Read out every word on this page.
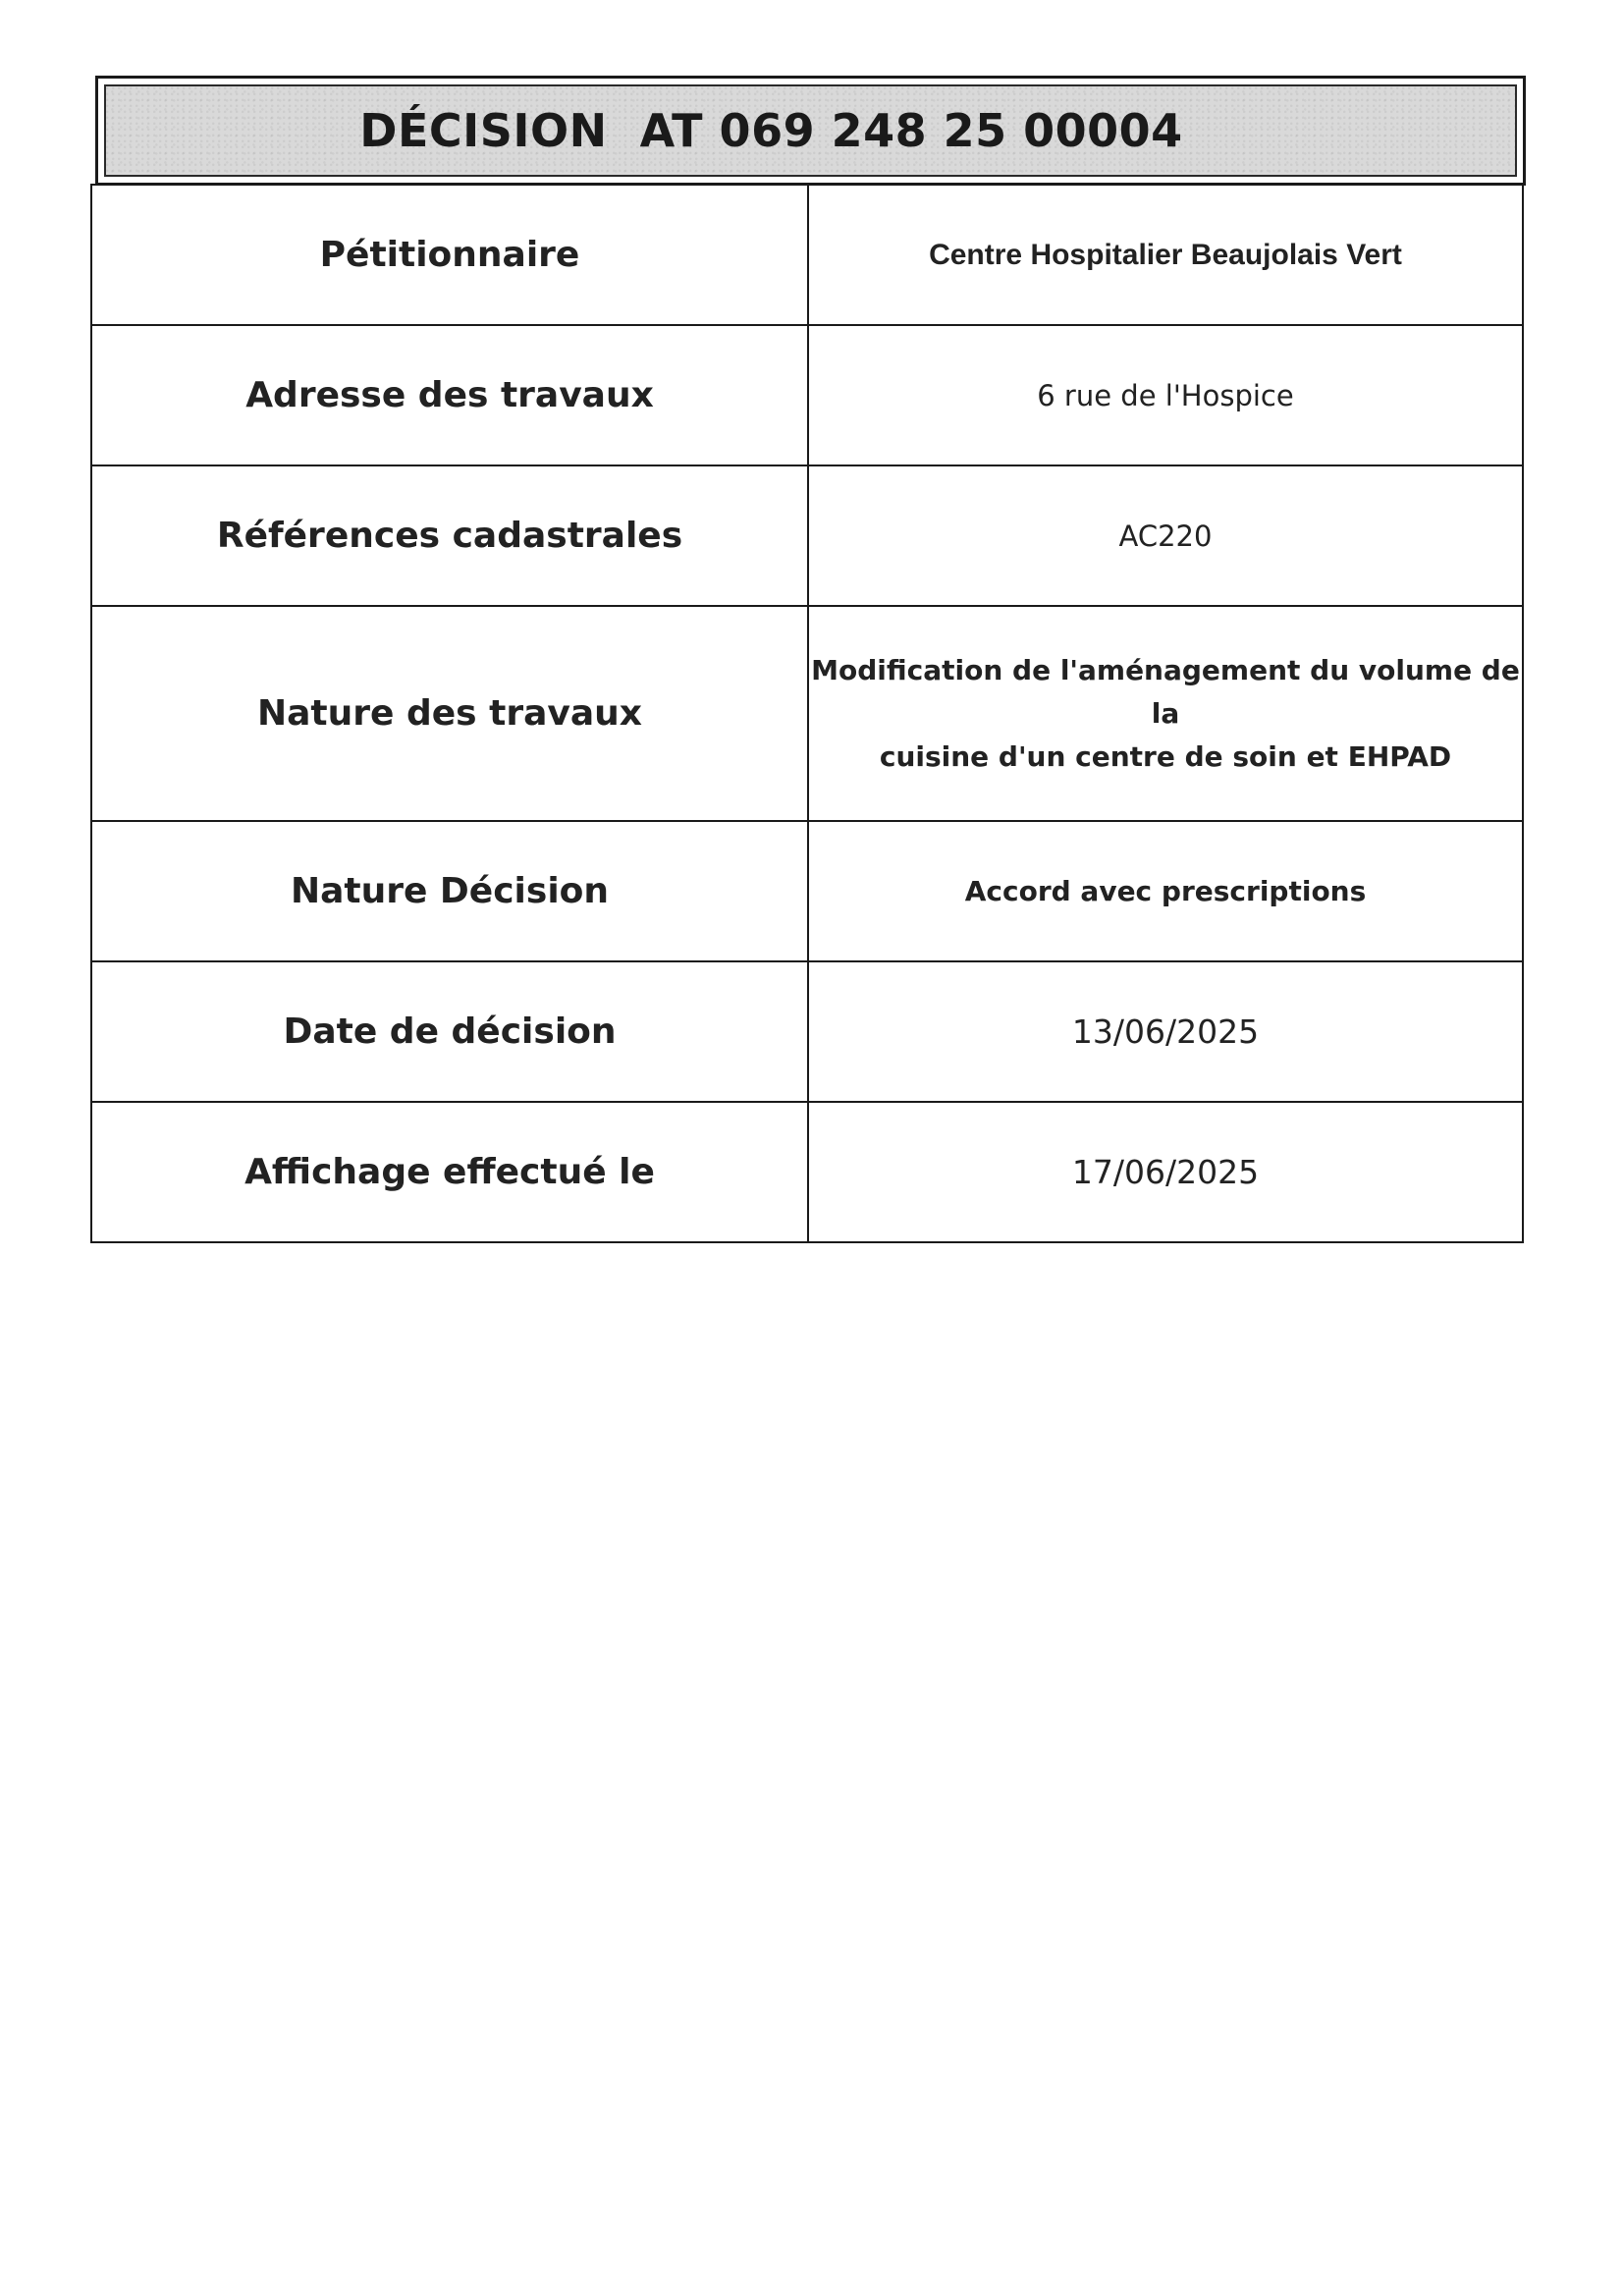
DÉCISION  AT 069 248 25 00004
Pétitionnaire	Centre Hospitalier Beaujolais Vert
Adresse des travaux	6 rue de l'Hospice
Références cadastrales	AC220
Nature des travaux	Modification de l'aménagement du volume de la
cuisine d'un centre de soin et EHPAD

Nature Décision	Accord avec prescriptions
Date de décision	13/06/2025
Affichage effectué le	17/06/2025
